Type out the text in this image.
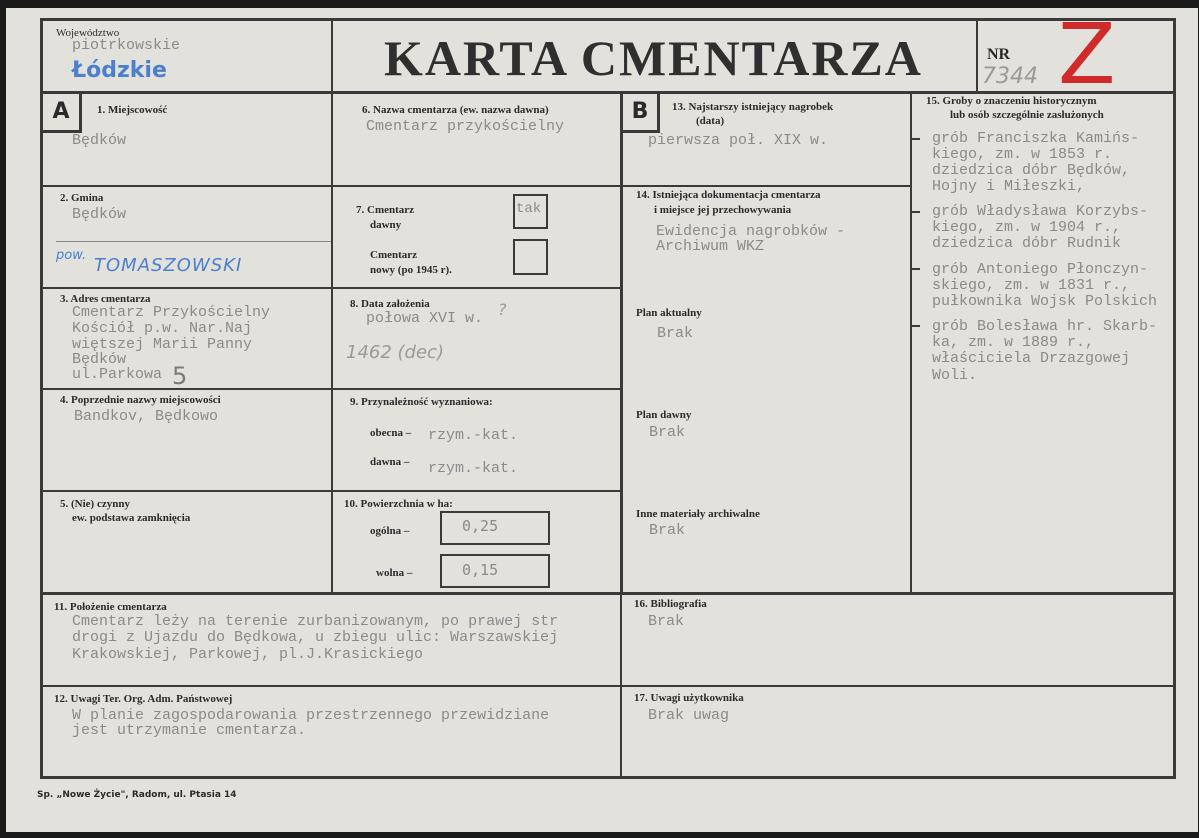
Województwo
piotrkowskie
Łódzkie	KARTA CMENTARZA	NR
7344 Z
A	1. Miejscowość
Będków
2. Gmina
Będków
pow. TOMASZOWSKI
3. Adres cmentarza
Cmentarz Przykościelny
Kościół p.w. Nar.Naj
więtszej Marii Panny
Będków
ul.Parkowa 5
4. Poprzednie nazwy miejscowości
Bandkov, Będkowo
5. (Nie) czynny
ew. podstawa zamknięcia
6. Nazwa cmentarza (ew. nazwa dawna)
Cmentarz przykościelny
7. Cmentarz
dawny
tak
Cmentarz
nowy (po 1945 r).
8. Data założenia
połowa XVI w. ?
1462 (dec)
9. Przynależność wyznaniowa:
obecna – rzym.-kat.
dawna – rzym.-kat.
10. Powierzchnia w ha:
ogólna –	0,25
wolna –	0,15
11. Położenie cmentarza
Cmentarz leży na terenie zurbanizowanym, po prawej str
drogi z Ujazdu do Będkowa, u zbiegu ulic: Warszawskiej
Krakowskiej, Parkowej, pl.J.Krasickiego
12. Uwagi Ter. Org. Adm. Państwowej
W planie zagospodarowania przestrzennego przewidziane
jest utrzymanie cmentarza.
B	13. Najstarszy istniejący nagrobek
(data)
pierwsza poł. XIX w.
14. Istniejąca dokumentacja cmentarza
i miejsce jej przechowywania
Ewidencja nagrobków -
Archiwum WKZ
Plan aktualny
Brak
Plan dawny
Brak
Inne materiały archiwalne
Brak
15. Groby o znaczeniu historycznym
lub osób szczególnie zasłużonych
grób Franciszka Kamińs-
kiego, zm. w 1853 r.
dziedzica dóbr Będków,
Hojny i Miłeszki,
grób Władysława Korzybs-
kiego, zm. w 1904 r.,
dziedzica dóbr Rudnik
grób Antoniego Płonczyn-
skiego, zm. w 1831 r.,
pułkownika Wojsk Polskich
grób Bolesława hr. Skarb-
ka, zm. w 1889 r.,
właściciela Drzazgowej
Woli.
16. Bibliografia
Brak
17. Uwagi użytkownika
Brak uwag
Sp. „Nowe Życie", Radom, ul. Ptasia 14
